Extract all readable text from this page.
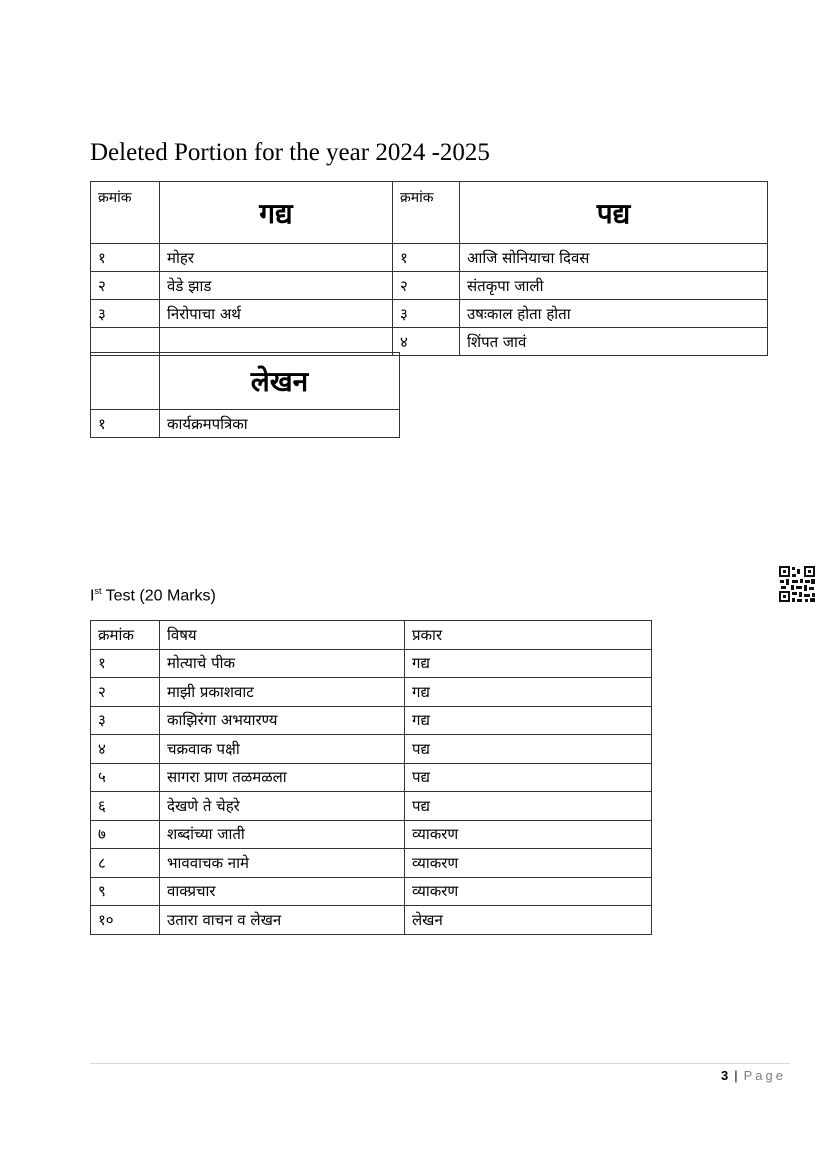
Deleted Portion for the year 2024 -2025
क्रमांक	गद्य	क्रमांक	पद्य
१	मोहर	१	आजि सोनियाचा दिवस
२	वेडे झाड	२	संतकृपा जाली
३	निरोपाचा अर्थ	३	उषःकाल होता होता
		४	शिंपत जावं
	लेखन
१	कार्यक्रमपत्रिका
Ist Test (20 Marks)
क्रमांक	विषय	प्रकार
१	मोत्याचे पीक	गद्य
२	माझी प्रकाशवाट	गद्य
३	काझिरंगा अभयारण्य	गद्य
४	चक्रवाक पक्षी	पद्य
५	सागरा प्राण तळमळला	पद्य
६	देखणे ते चेहरे	पद्य
७	शब्दांच्या जाती	व्याकरण
८	भाववाचक नामे	व्याकरण
९	वाक्प्रचार	व्याकरण
१०	उतारा वाचन व लेखन	लेखन
3 | Page
